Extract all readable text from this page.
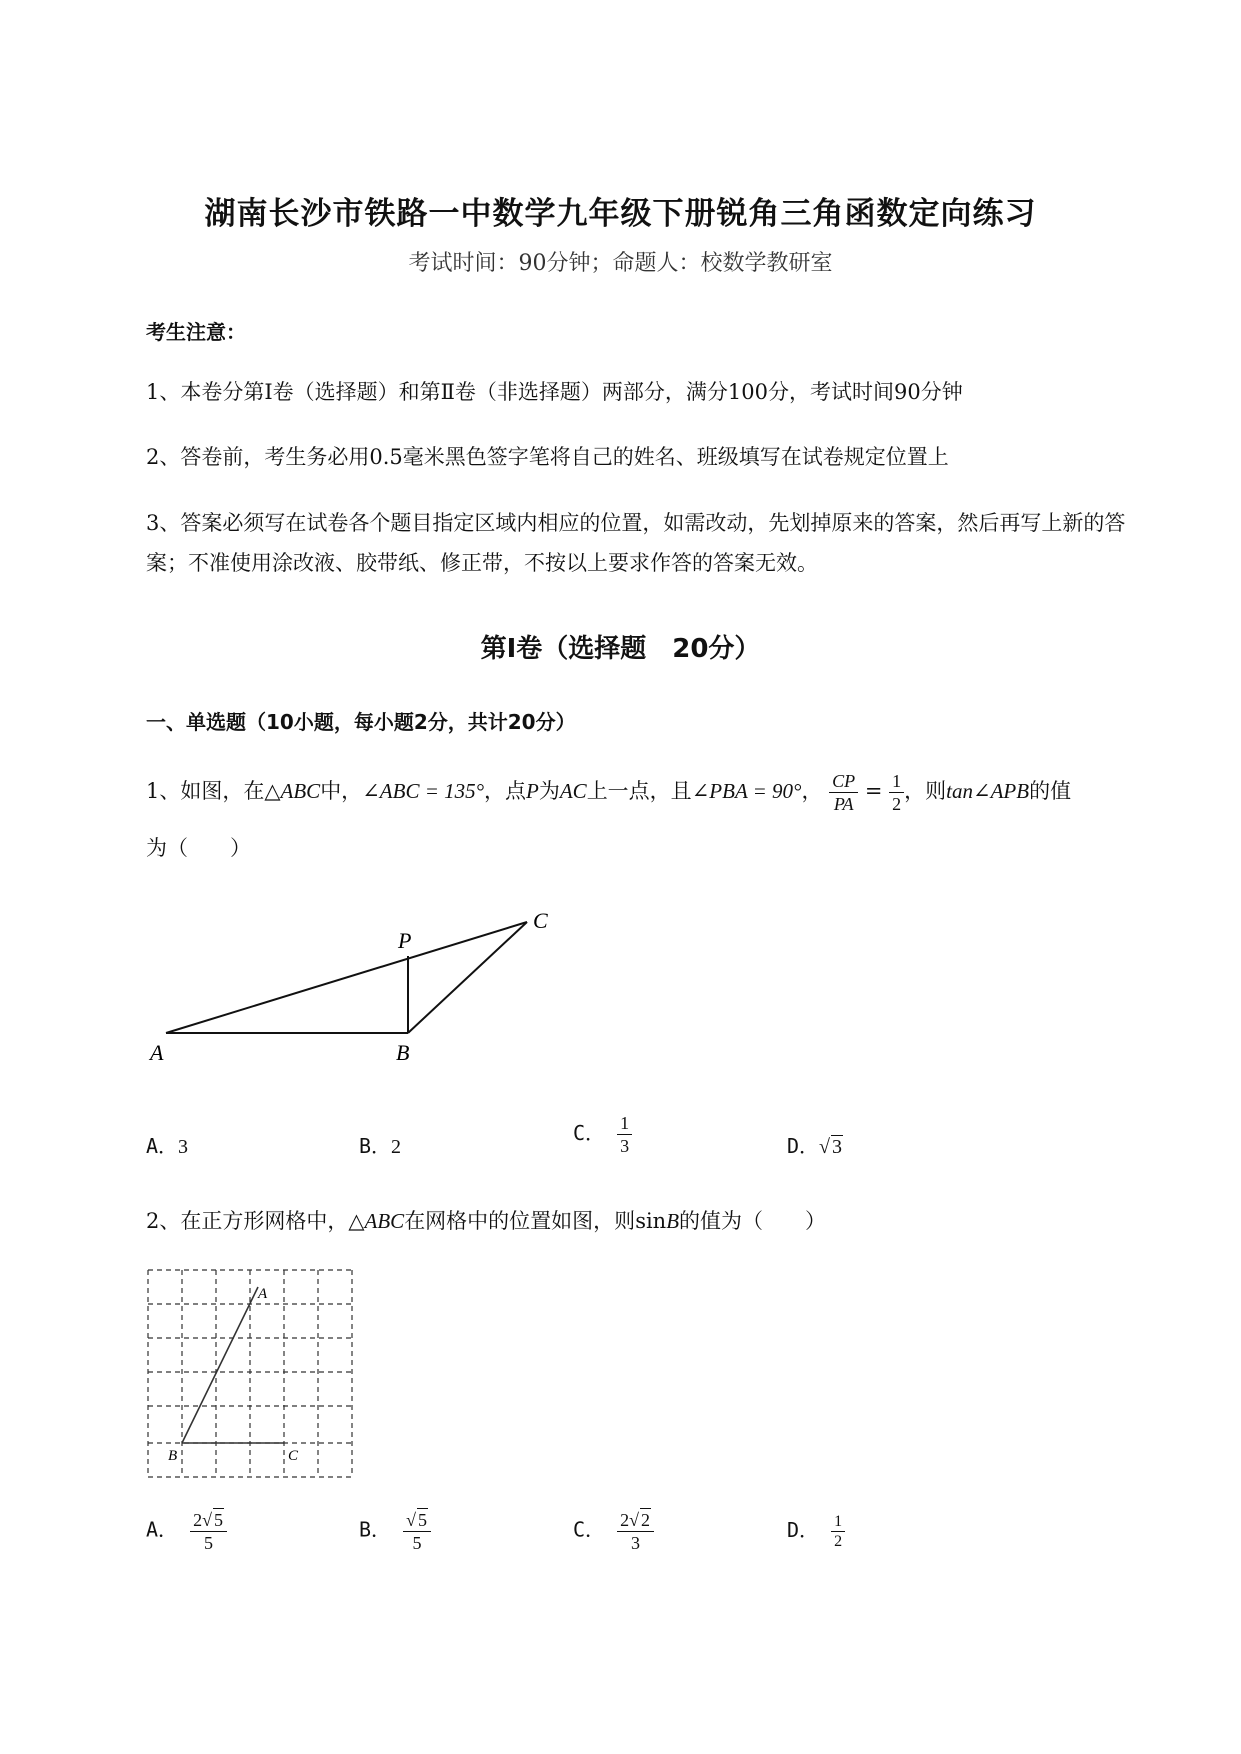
湖南长沙市铁路一中数学九年级下册锐角三角函数定向练习
考试时间：90分钟；命题人：校数学教研室
考生注意：
1、本卷分第Ⅰ卷（选择题）和第Ⅱ卷（非选择题）两部分，满分100分，考试时间90分钟
2、答卷前，考生务必用0.5毫米黑色签字笔将自己的姓名、班级填写在试卷规定位置上
3、答案必须写在试卷各个题目指定区域内相应的位置，如需改动，先划掉原来的答案，然后再写上新的答案；不准使用涂改液、胶带纸、修正带，不按以上要求作答的答案无效。
第Ⅰ卷（选择题　20分）
一、单选题（10小题，每小题2分，共计20分）
1、如图，在△ABC中，∠ABC = 135°，点P为AC上一点，且∠PBA = 90°， $\frac{CP}{PA} = \frac{1}{2}$ ，则tan∠APB的值
为（　　）
A	B
C
P
A．3	B．2
C． $\frac{1}{3}$	D．√ 3
2、在正方形网格中，△ABC在网格中的位置如图，则sinB的值为（　　）
A
B	C
A． $\frac{2√ 5}{5}$	B． $\frac{√ 5}{5}$	C． $\frac{2√ 2}{3}$	D． $\frac{1}{2}$
